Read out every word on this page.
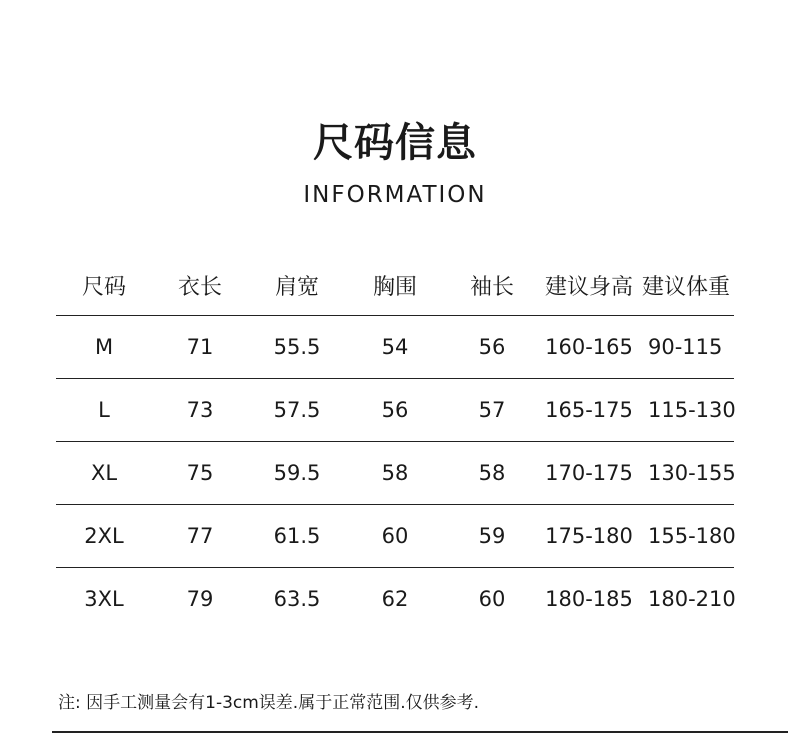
尺码信息
INFORMATION
尺码	衣长	肩宽	胸围	袖长	建议身高 建议体重
M	71	55.5	54	56	160-165 90-115
L	73	57.5	56	57	165-175 115-130
XL	75	59.5	58	58	170-175 130-155
2XL	77	61.5	60	59	175-180 155-180
3XL	79	63.5	62	60	180-185 180-210
注: 因手工测量会有1-3cm误差.属于正常范围.仅供参考.
